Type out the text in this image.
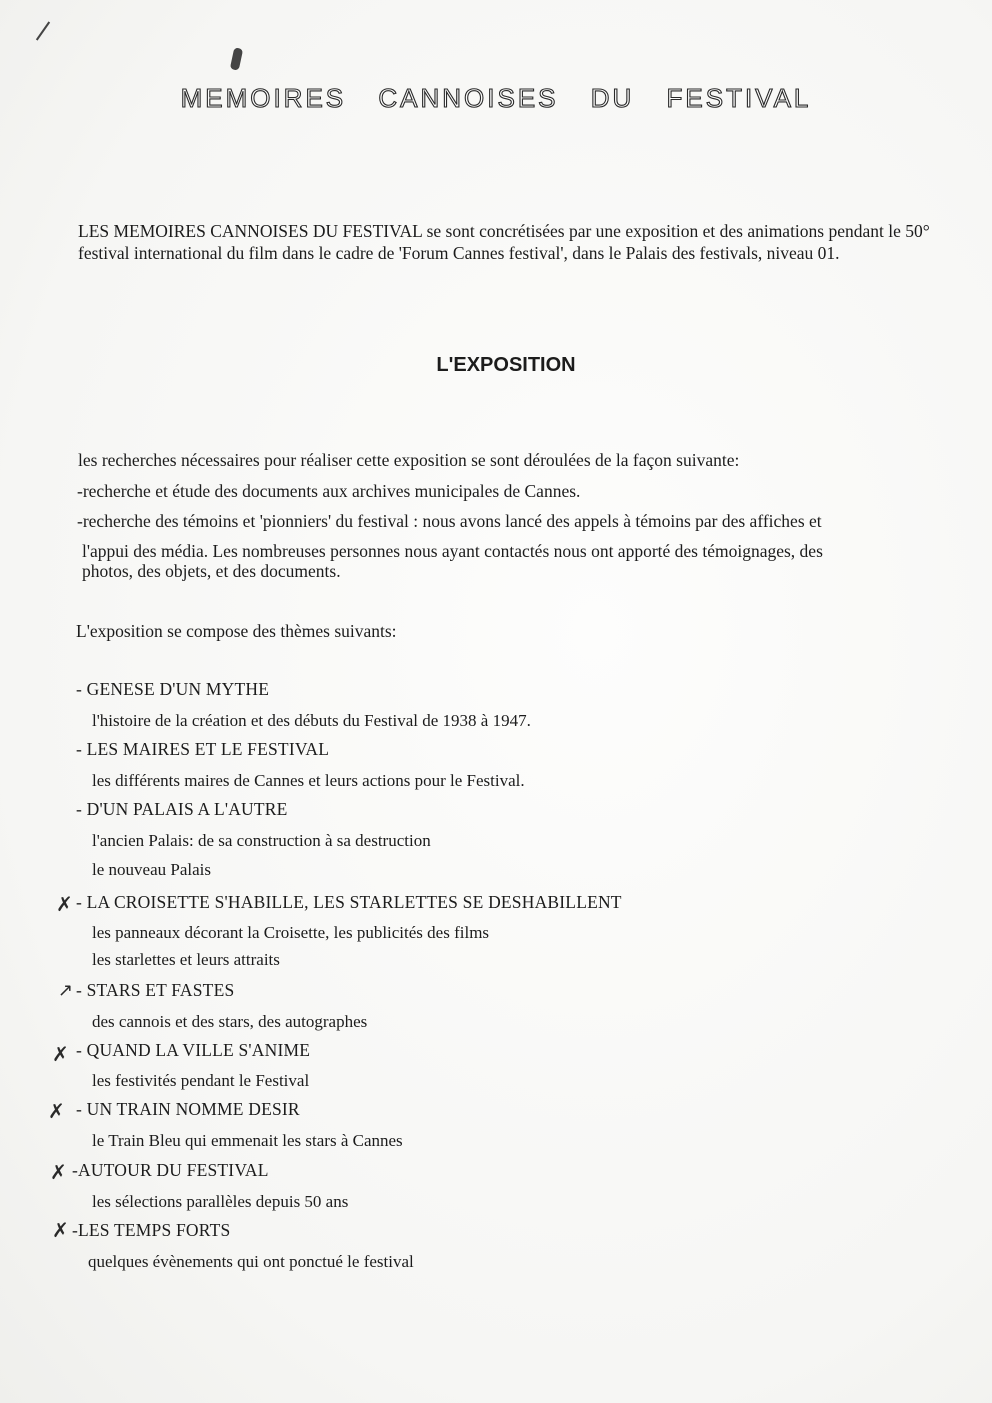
MEMOIRES CANNOISES DU FESTIVAL
LES MEMOIRES CANNOISES DU FESTIVAL se sont concrétisées par une exposition et des animations pendant le 50° festival international du film dans le cadre de 'Forum Cannes festival', dans le Palais des festivals, niveau 01.
L'EXPOSITION
les recherches nécessaires pour réaliser cette exposition se sont déroulées de la façon suivante:
-recherche et étude des documents aux archives municipales de Cannes.
-recherche des témoins et 'pionniers' du festival : nous avons lancé des appels à témoins par des affiches et
l'appui des média. Les nombreuses personnes nous ayant contactés nous ont apporté des témoignages, des
photos, des objets, et des documents.
L'exposition se compose des thèmes suivants:
- GENESE D'UN MYTHE
l'histoire de la création et des débuts du Festival de 1938 à 1947.
- LES MAIRES ET LE FESTIVAL
les différents maires de Cannes et leurs actions pour le Festival.
- D'UN PALAIS A L'AUTRE
l'ancien Palais: de sa construction à sa destruction
le nouveau Palais
✗ - LA CROISETTE S'HABILLE, LES STARLETTES SE DESHABILLENT
les panneaux décorant la Croisette, les publicités des films
les starlettes et leurs attraits
↗ - STARS ET FASTES
des cannois et des stars, des autographes
✗ - QUAND LA VILLE S'ANIME
les festivités pendant le Festival
✗ - UN TRAIN NOMME DESIR
le Train Bleu qui emmenait les stars à Cannes
✗ -AUTOUR DU FESTIVAL
les sélections parallèles depuis 50 ans
✗ -LES TEMPS FORTS
quelques évènements qui ont ponctué le festival
